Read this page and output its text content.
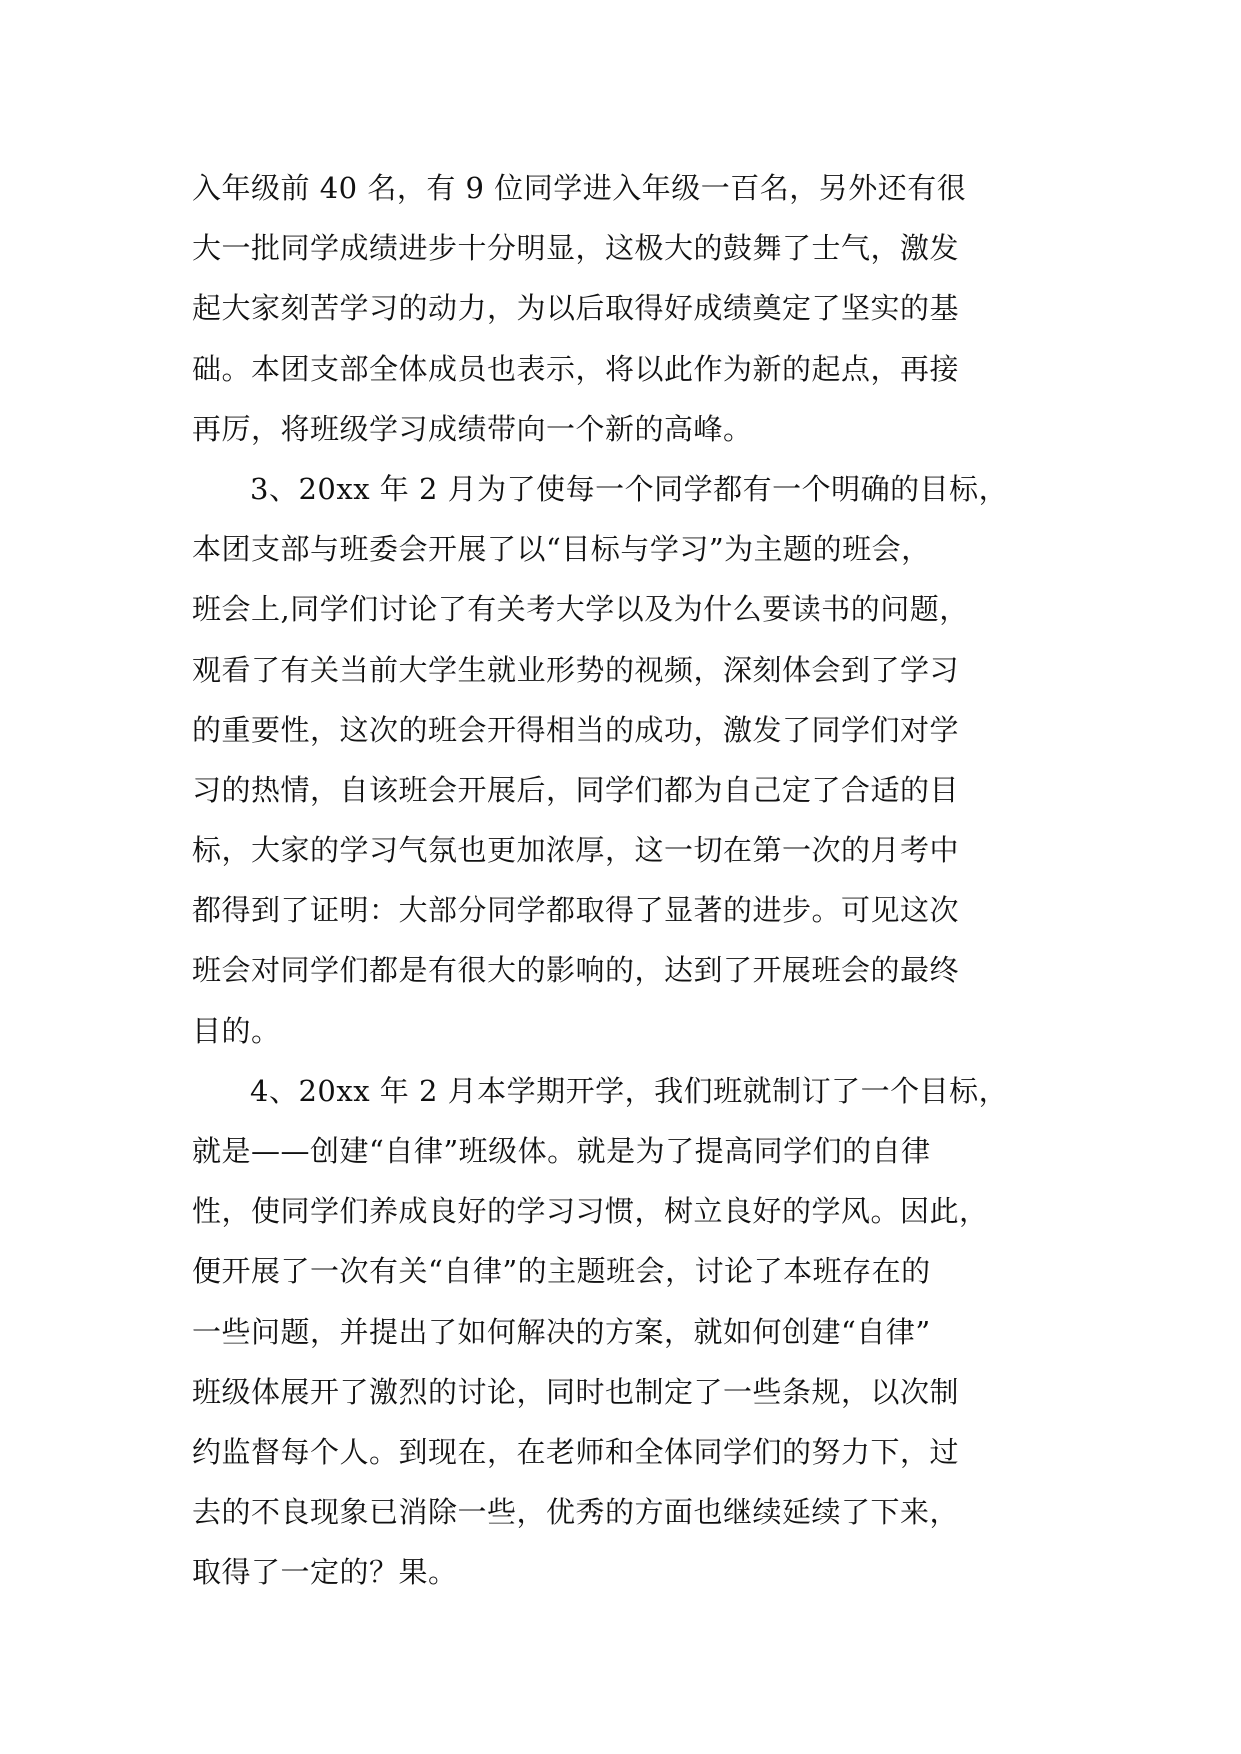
入年级前 40 名，有 9 位同学进入年级一百名，另外还有很
大一批同学成绩进步十分明显，这极大的鼓舞了士气，激发
起大家刻苦学习的动力，为以后取得好成绩奠定了坚实的基
础。本团支部全体成员也表示，将以此作为新的起点，再接
再厉，将班级学习成绩带向一个新的高峰。
3、20xx 年 2 月为了使每一个同学都有一个明确的目标，
本团支部与班委会开展了以“目标与学习”为主题的班会，
班会上,同学们讨论了有关考大学以及为什么要读书的问题，
观看了有关当前大学生就业形势的视频，深刻体会到了学习
的重要性，这次的班会开得相当的成功，激发了同学们对学
习的热情，自该班会开展后，同学们都为自己定了合适的目
标，大家的学习气氛也更加浓厚，这一切在第一次的月考中
都得到了证明：大部分同学都取得了显著的进步。可见这次
班会对同学们都是有很大的影响的，达到了开展班会的最终
目的。
4、20xx 年 2 月本学期开学，我们班就制订了一个目标，
就是——创建“自律”班级体。就是为了提高同学们的自律
性，使同学们养成良好的学习习惯，树立良好的学风。因此，
便开展了一次有关“自律”的主题班会，讨论了本班存在的
一些问题，并提出了如何解决的方案，就如何创建“自律”
班级体展开了激烈的讨论，同时也制定了一些条规，以次制
约监督每个人。到现在，在老师和全体同学们的努力下，过
去的不良现象已消除一些，优秀的方面也继续延续了下来，
取得了一定的？果。
